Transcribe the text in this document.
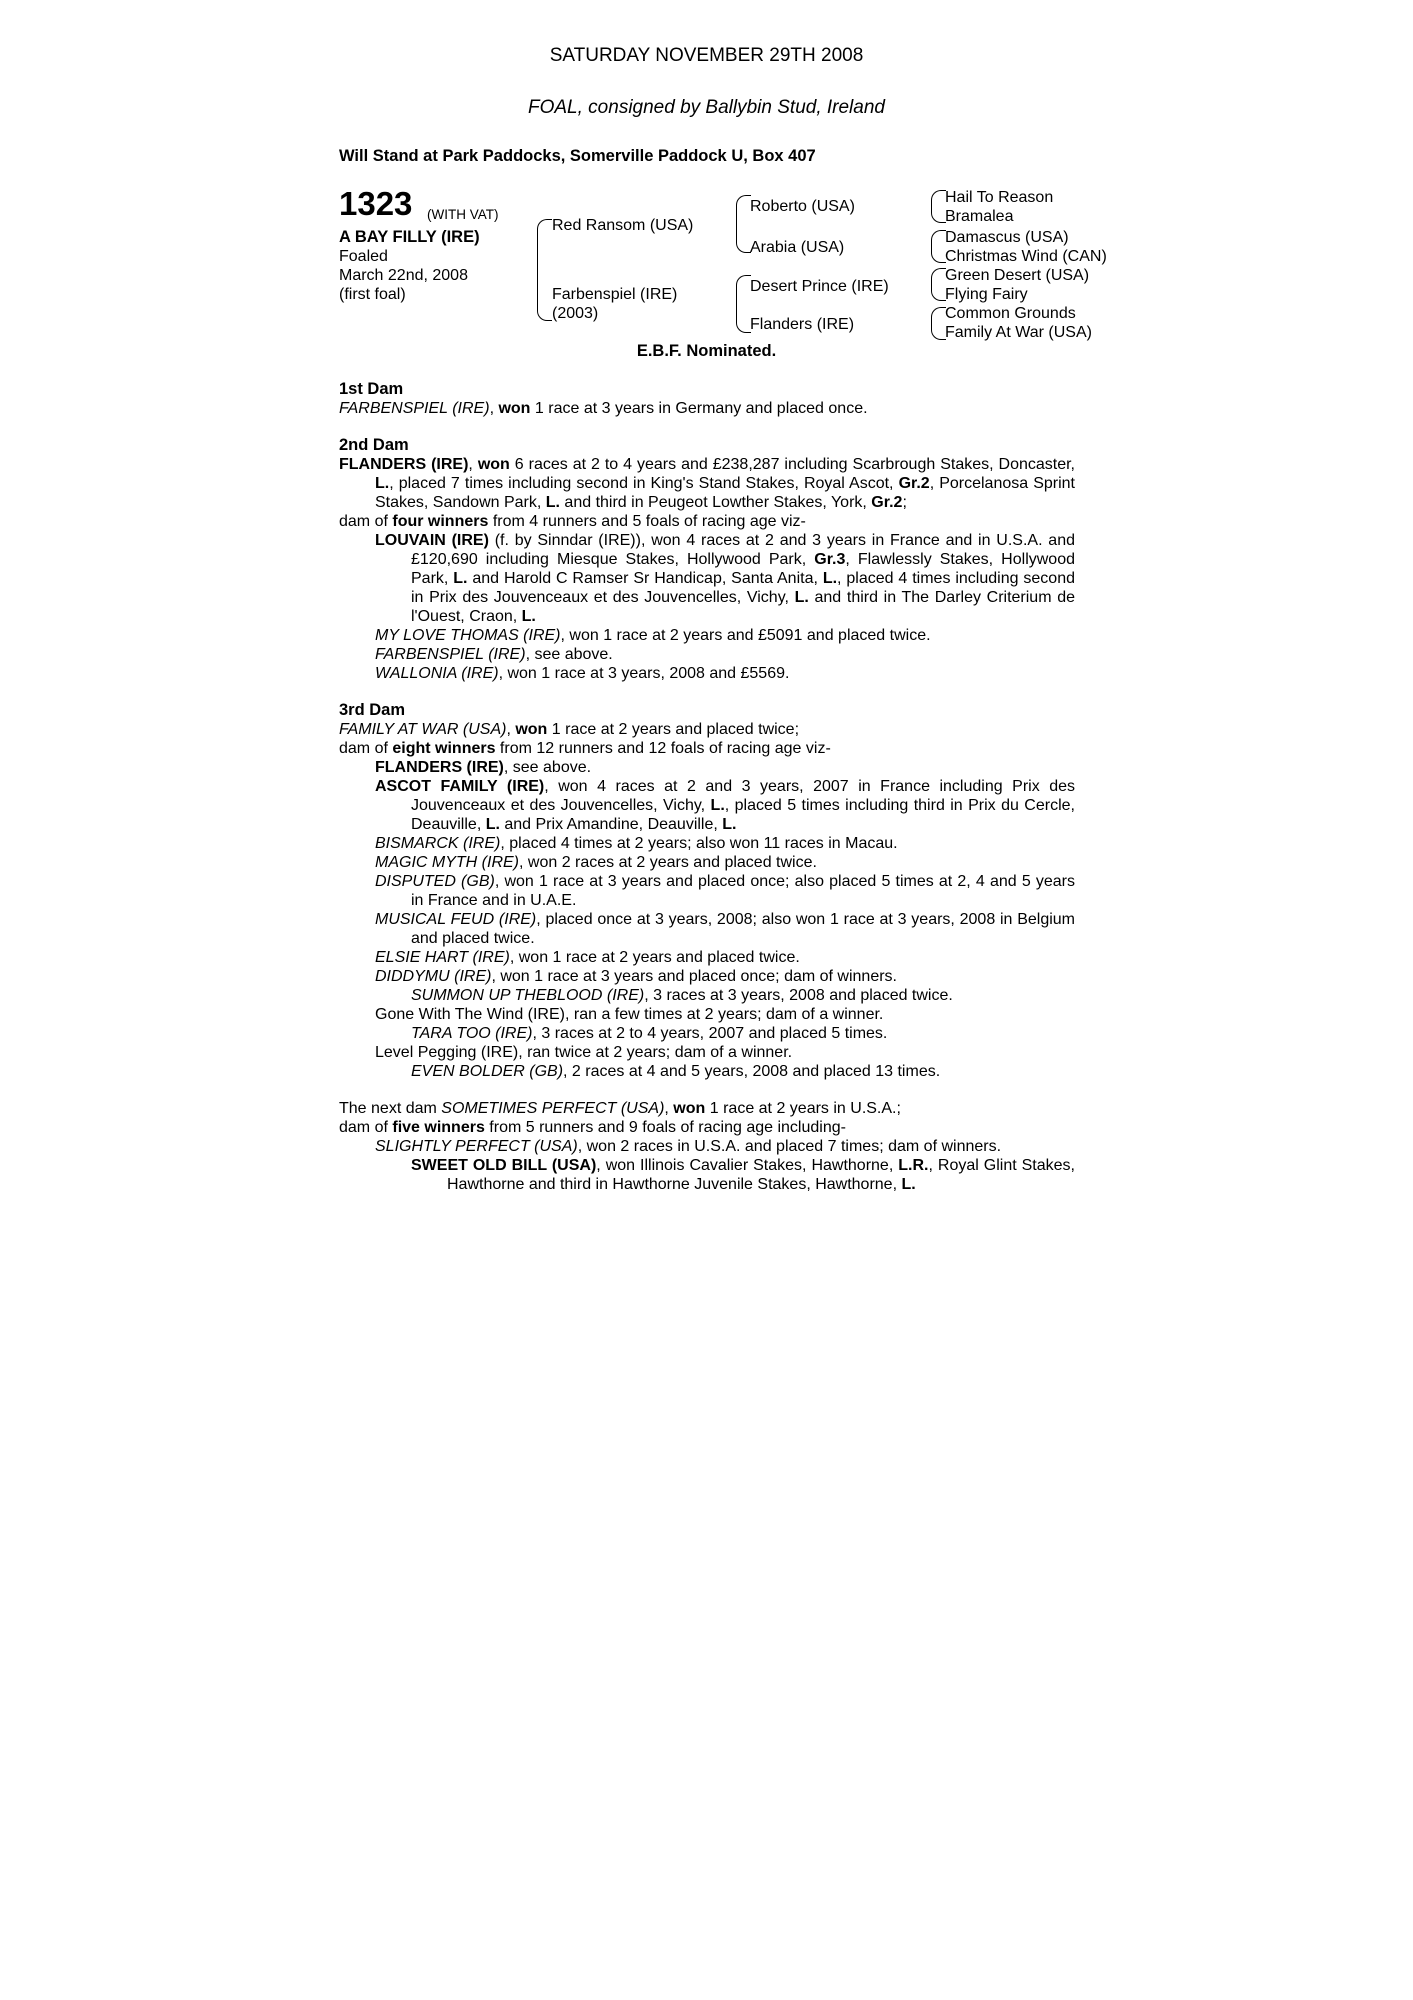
SATURDAY NOVEMBER 29TH 2008
FOAL, consigned by Ballybin Stud, Ireland
Will Stand at Park Paddocks, Somerville Paddock U, Box 407
1323 (WITH VAT)
A BAY FILLY (IRE)
Foaled
March 22nd, 2008
(first foal)
Red Ransom (USA)
Farbenspiel (IRE)
(2003)
Roberto (USA)
Arabia (USA)
Desert Prince (IRE)
Flanders (IRE)
Hail To Reason
Bramalea
Damascus (USA)
Christmas Wind (CAN)
Green Desert (USA)
Flying Fairy
Common Grounds
Family At War (USA)
E.B.F. Nominated.
1st Dam

FARBENSPIEL (IRE), won 1 race at 3 years in Germany and placed once.

2nd Dam

FLANDERS (IRE), won 6 races at 2 to 4 years and £238,287 including Scarbrough Stakes, Doncaster, L., placed 7 times including second in King's Stand Stakes, Royal Ascot, Gr.2, Porcelanosa Sprint Stakes, Sandown Park, L. and third in Peugeot Lowther Stakes, York, Gr.2;

dam of four winners from 4 runners and 5 foals of racing age viz-

LOUVAIN (IRE) (f. by Sinndar (IRE)), won 4 races at 2 and 3 years in France and in U.S.A. and £120,690 including Miesque Stakes, Hollywood Park, Gr.3, Flawlessly Stakes, Hollywood Park, L. and Harold C Ramser Sr Handicap, Santa Anita, L., placed 4 times including second in Prix des Jouvenceaux et des Jouvencelles, Vichy, L. and third in The Darley Criterium de l'Ouest, Craon, L.

MY LOVE THOMAS (IRE), won 1 race at 2 years and £5091 and placed twice.

FARBENSPIEL (IRE), see above.

WALLONIA (IRE), won 1 race at 3 years, 2008 and £5569.

3rd Dam

FAMILY AT WAR (USA), won 1 race at 2 years and placed twice;

dam of eight winners from 12 runners and 12 foals of racing age viz-

FLANDERS (IRE), see above.

ASCOT FAMILY (IRE), won 4 races at 2 and 3 years, 2007 in France including Prix des Jouvenceaux et des Jouvencelles, Vichy, L., placed 5 times including third in Prix du Cercle, Deauville, L. and Prix Amandine, Deauville, L.

BISMARCK (IRE), placed 4 times at 2 years; also won 11 races in Macau.

MAGIC MYTH (IRE), won 2 races at 2 years and placed twice.

DISPUTED (GB), won 1 race at 3 years and placed once; also placed 5 times at 2, 4 and 5 years in France and in U.A.E.

MUSICAL FEUD (IRE), placed once at 3 years, 2008; also won 1 race at 3 years, 2008 in Belgium and placed twice.

ELSIE HART (IRE), won 1 race at 2 years and placed twice.

DIDDYMU (IRE), won 1 race at 3 years and placed once; dam of winners.

SUMMON UP THEBLOOD (IRE), 3 races at 3 years, 2008 and placed twice.

Gone With The Wind (IRE), ran a few times at 2 years; dam of a winner.

TARA TOO (IRE), 3 races at 2 to 4 years, 2007 and placed 5 times.

Level Pegging (IRE), ran twice at 2 years; dam of a winner.

EVEN BOLDER (GB), 2 races at 4 and 5 years, 2008 and placed 13 times.

The next dam SOMETIMES PERFECT (USA), won 1 race at 2 years in U.S.A.;

dam of five winners from 5 runners and 9 foals of racing age including-

SLIGHTLY PERFECT (USA), won 2 races in U.S.A. and placed 7 times; dam of winners.

SWEET OLD BILL (USA), won Illinois Cavalier Stakes, Hawthorne, L.R., Royal Glint Stakes, Hawthorne and third in Hawthorne Juvenile Stakes, Hawthorne, L.
